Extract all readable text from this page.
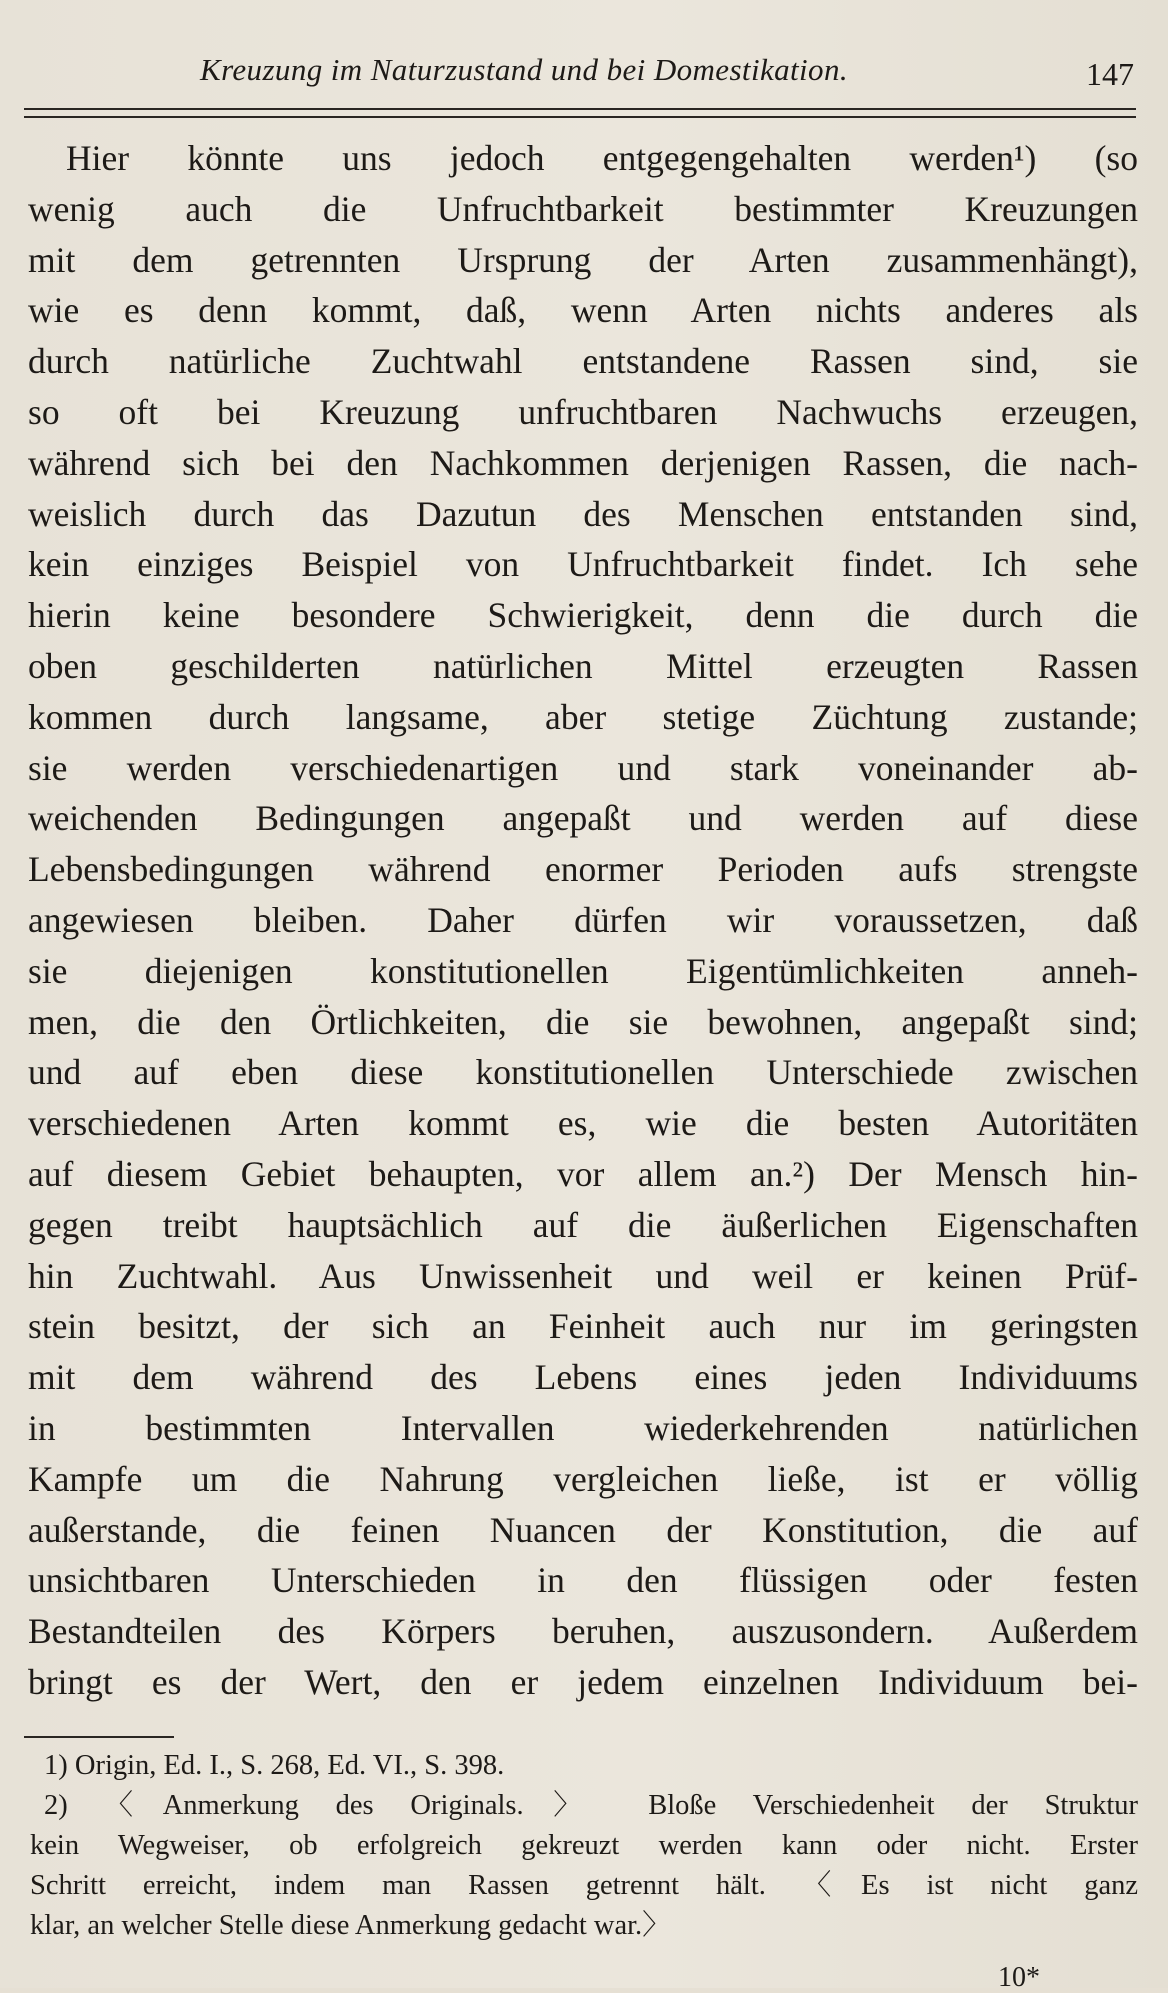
Kreuzung im Naturzustand und bei Domestikation.	147
Hier könnte uns jedoch entgegengehalten werden¹) (so
wenig auch die Unfruchtbarkeit bestimmter Kreuzungen
mit dem getrennten Ursprung der Arten zusammenhängt),
wie es denn kommt, daß, wenn Arten nichts anderes als
durch natürliche Zuchtwahl entstandene Rassen sind, sie
so oft bei Kreuzung unfruchtbaren Nachwuchs erzeugen,
während sich bei den Nachkommen derjenigen Rassen, die nach-
weislich durch das Dazutun des Menschen entstanden sind,
kein einziges Beispiel von Unfruchtbarkeit findet. Ich sehe
hierin keine besondere Schwierigkeit, denn die durch die
oben geschilderten natürlichen Mittel erzeugten Rassen
kommen durch langsame, aber stetige Züchtung zustande;
sie werden verschiedenartigen und stark voneinander ab-
weichenden Bedingungen angepaßt und werden auf diese
Lebensbedingungen während enormer Perioden aufs strengste
angewiesen bleiben. Daher dürfen wir voraussetzen, daß
sie diejenigen konstitutionellen Eigentümlichkeiten anneh-
men, die den Örtlichkeiten, die sie bewohnen, angepaßt sind;
und auf eben diese konstitutionellen Unterschiede zwischen
verschiedenen Arten kommt es, wie die besten Autoritäten
auf diesem Gebiet behaupten, vor allem an.²) Der Mensch hin-
gegen treibt hauptsächlich auf die äußerlichen Eigenschaften
hin Zuchtwahl. Aus Unwissenheit und weil er keinen Prüf-
stein besitzt, der sich an Feinheit auch nur im geringsten
mit dem während des Lebens eines jeden Individuums
in bestimmten Intervallen wiederkehrenden natürlichen
Kampfe um die Nahrung vergleichen ließe, ist er völlig
außerstande, die feinen Nuancen der Konstitution, die auf
unsichtbaren Unterschieden in den flüssigen oder festen
Bestandteilen des Körpers beruhen, auszusondern. Außerdem
bringt es der Wert, den er jedem einzelnen Individuum bei-
1) Origin, Ed. I., S. 268, Ed. VI., S. 398.
2) 〈Anmerkung des Originals.〉 Bloße Verschiedenheit der Struktur
kein Wegweiser, ob erfolgreich gekreuzt werden kann oder nicht. Erster
Schritt erreicht, indem man Rassen getrennt hält. 〈Es ist nicht ganz
klar, an welcher Stelle diese Anmerkung gedacht war.〉
10*
